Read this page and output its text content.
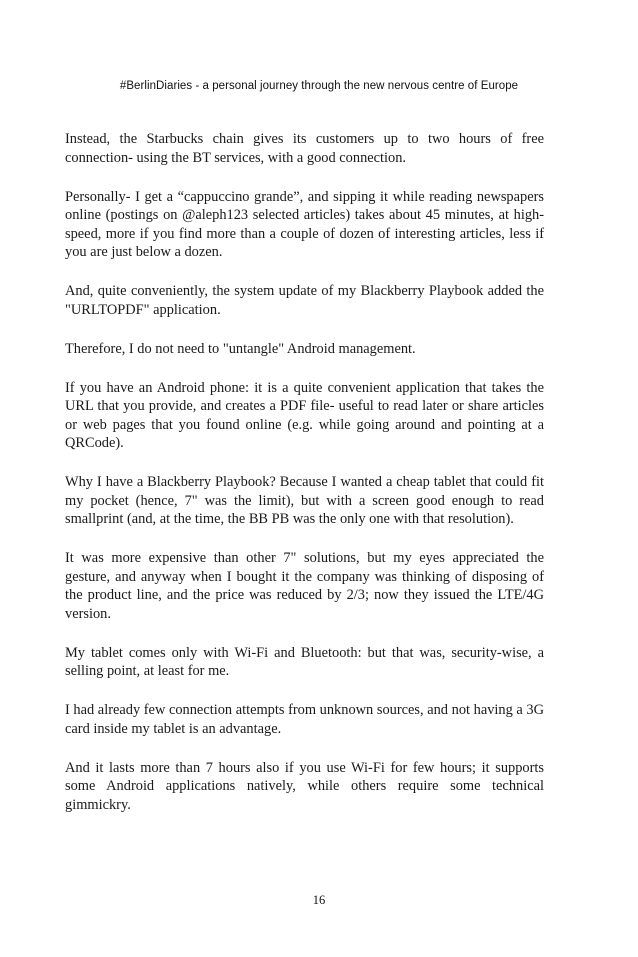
#BerlinDiaries - a personal journey through the new nervous centre of Europe

Instead, the Starbucks chain gives its customers up to two hours of free connection- using the BT services, with a good connection.

Personally- I get a “cappuccino grande”, and sipping it while reading newspapers online (postings on @aleph123 selected articles) takes about 45 minutes, at high-speed, more if you find more than a couple of dozen of interesting articles, less if you are just below a dozen.

And, quite conveniently, the system update of my Blackberry Playbook added the "URLTOPDF" application.

Therefore, I do not need to "untangle" Android management.

If you have an Android phone: it is a quite convenient application that takes the URL that you provide, and creates a PDF file- useful to read later or share articles or web pages that you found online (e.g. while going around and pointing at a QRCode).

Why I have a Blackberry Playbook? Because I wanted a cheap tablet that could fit my pocket (hence, 7" was the limit), but with a screen good enough to read smallprint (and, at the time, the BB PB was the only one with that resolution).

It was more expensive than other 7" solutions, but my eyes appreciated the gesture, and anyway when I bought it the company was thinking of disposing of the product line, and the price was reduced by 2/3; now they issued the LTE/4G version.

My tablet comes only with Wi-Fi and Bluetooth: but that was, security-wise, a selling point, at least for me.

I had already few connection attempts from unknown sources, and not having a 3G card inside my tablet is an advantage.

And it lasts more than 7 hours also if you use Wi-Fi for few hours; it supports some Android applications natively, while others require some technical gimmickry.

16
